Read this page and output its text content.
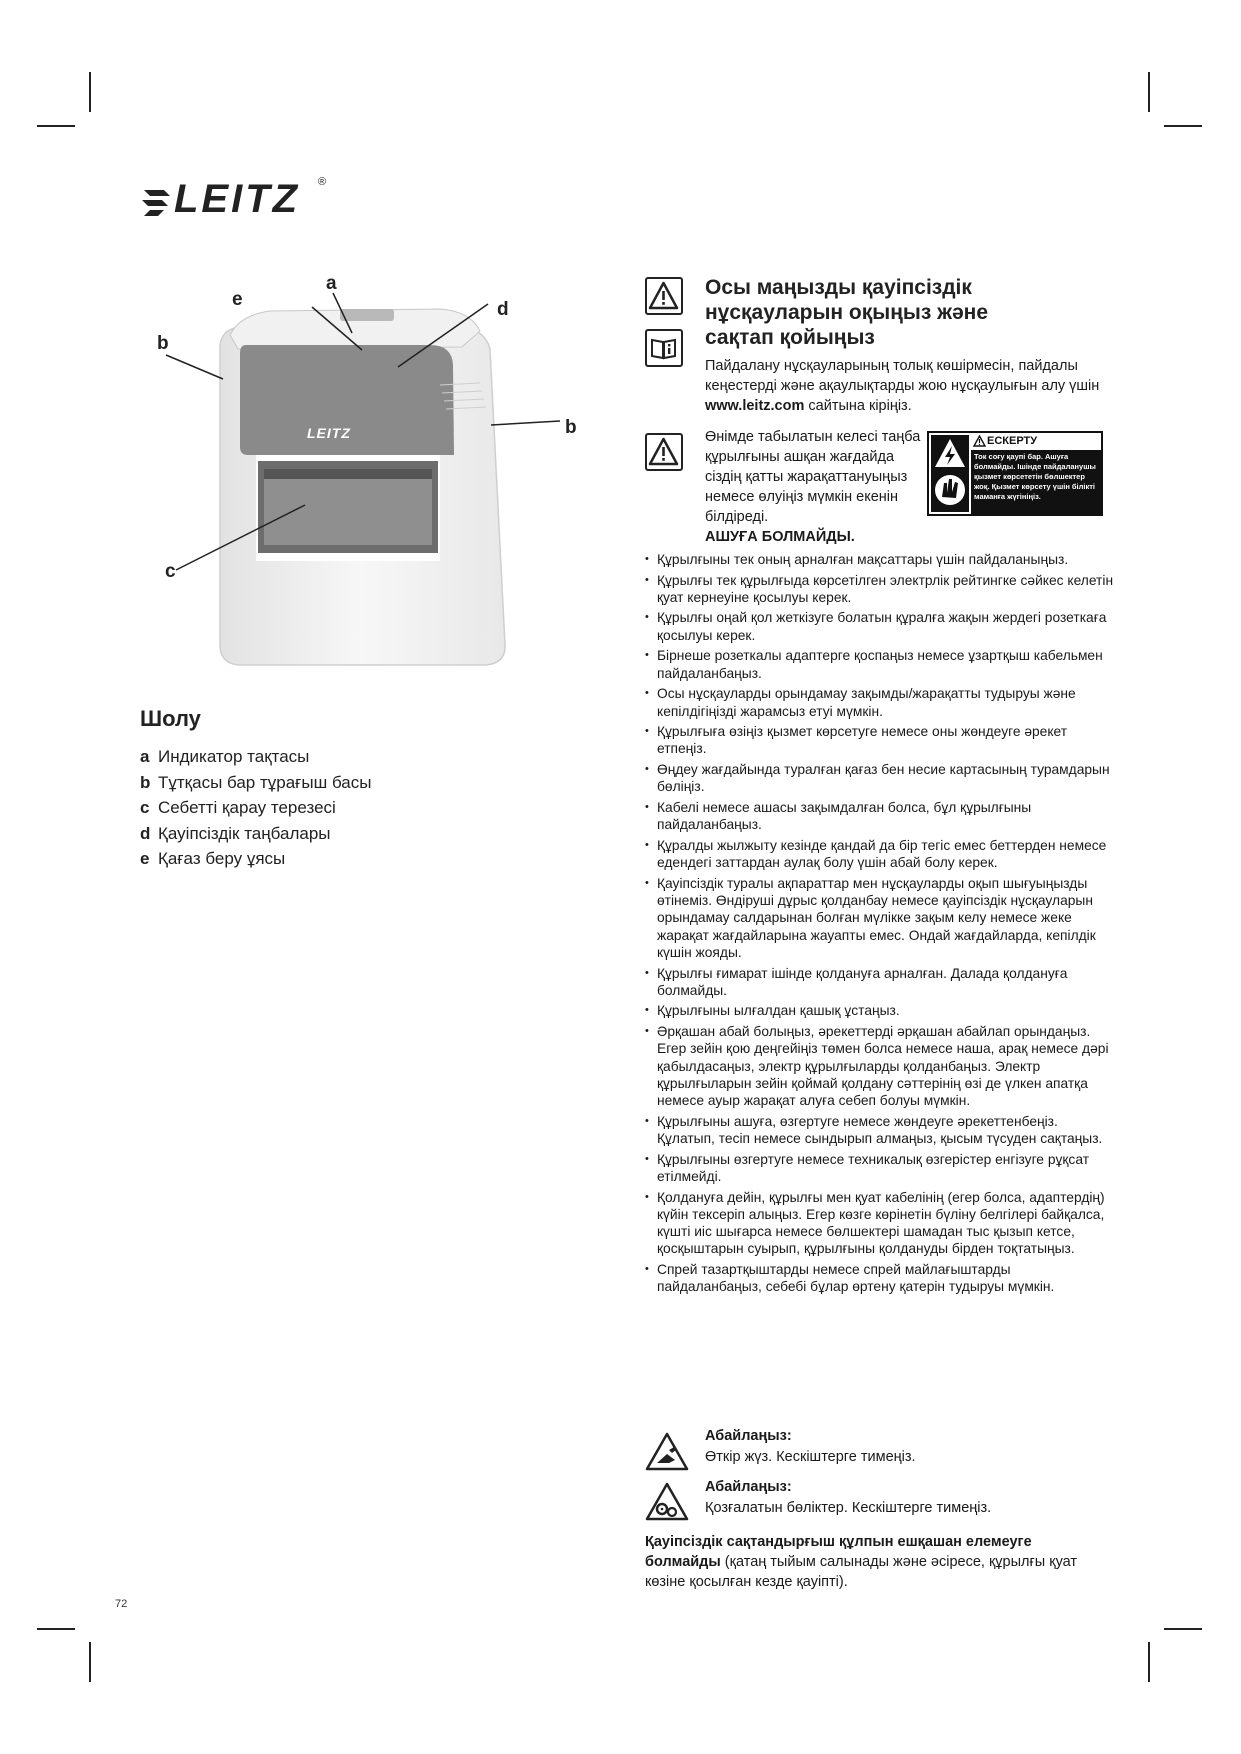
LEITZ ®
LEITZ
a
e	d
b
b
c
Шолу
a Индикатор тақтасы
b Тұтқасы бар тұрағыш басы
c Себетті қарау терезесі
d Қауіпсіздік таңбалары
e Қағаз беру ұясы
Осы маңызды қауіпсіздік
нұсқауларын оқыңыз және
сақтап қойыңыз
Пайдалану нұсқауларының толық көшірмесін, пайдалы кеңестерді және ақаулықтарды жою нұсқаулығын алу үшін www.leitz.com сайтына кіріңіз.
Өнімде табылатын келесі таңба құрылғыны ашқан жағдайда сіздің қатты жарақаттануыңыз немесе өлуіңіз мүмкін екенін білдіреді.
АШУҒА БОЛМАЙДЫ.
ЕСКЕРТУ
Ток соғу қаупі бар. Ашуға болмайды. Ішінде пайдаланушы қызмет көрсететін бөлшектер жоқ. Қызмет көрсету үшін білікті маманға жүгініңіз.
• Құрылғыны тек оның арналған мақсаттары үшін пайдаланыңыз.
• Құрылғы тек құрылғыда көрсетілген электрлік рейтингке сәйкес келетін қуат кернеуіне қосылуы керек.
• Құрылғы оңай қол жеткізуге болатын құралға жақын жердегі розеткаға қосылуы керек.
• Бірнеше розеткалы адаптерге қоспаңыз немесе ұзартқыш кабельмен пайдаланбаңыз.
• Осы нұсқауларды орындамау зақымды/жарақатты тудыруы және кепілдігіңізді жарамсыз етуі мүмкін.
• Құрылғыға өзіңіз қызмет көрсетуге немесе оны жөндеуге әрекет етпеңіз.
• Өңдеу жағдайында туралған қағаз бен несие картасының турамдарын бөліңіз.
• Кабелі немесе ашасы зақымдалған болса, бұл құрылғыны пайдаланбаңыз.
• Құралды жылжыту кезінде қандай да бір тегіс емес беттерден немесе едендегі заттардан аулақ болу үшін абай болу керек.
• Қауіпсіздік туралы ақпараттар мен нұсқауларды оқып шығуыңызды өтінеміз. Өндіруші дұрыс қолданбау немесе қауіпсіздік нұсқауларын орындамау салдарынан болған мүлікке зақым келу немесе жеке жарақат жағдайларына жауапты емес. Ондай жағдайларда, кепілдік күшін жояды.
• Құрылғы ғимарат ішінде қолдануға арналған. Далада қолдануға болмайды.
• Құрылғыны ылғалдан қашық ұстаңыз.
• Әрқашан абай болыңыз, әрекеттерді әрқашан абайлап орындаңыз. Егер зейін қою деңгейіңіз төмен болса немесе наша, арақ немесе дәрі қабылдасаңыз, электр құрылғыларды қолданбаңыз. Электр құрылғыларын зейін қоймай қолдану сәттерінің өзі де үлкен апатқа немесе ауыр жарақат алуға себеп болуы мүмкін.
• Құрылғыны ашуға, өзгертуге немесе жөндеуге әрекеттенбеңіз. Құлатып, тесіп немесе сындырып алмаңыз, қысым түсуден сақтаңыз.
• Құрылғыны өзгертуге немесе техникалық өзгерістер енгізуге рұқсат етілмейді.
• Қолдануға дейін, құрылғы мен қуат кабелінің (егер болса, адаптердің) күйін тексеріп алыңыз. Егер көзге көрінетін бүліну белгілері байқалса, күшті иіс шығарса немесе бөлшектері шамадан тыс қызып кетсе, қосқыштарын суырып, құрылғыны қолдануды бірден тоқтатыңыз.
• Спрей тазартқыштарды немесе спрей майлағыштарды пайдаланбаңыз, себебі бұлар өртену қатерін тудыруы мүмкін.
Абайлаңыз:
Өткір жүз. Кескіштерге тимеңіз.
Абайлаңыз:
Қозғалатын бөліктер. Кескіштерге тимеңіз.
Қауіпсіздік сақтандырғыш құлпын ешқашан елемеуге болмайды (қатаң тыйым салынады және әсіресе, құрылғы қуат көзіне қосылған кезде қауіпті).
72
